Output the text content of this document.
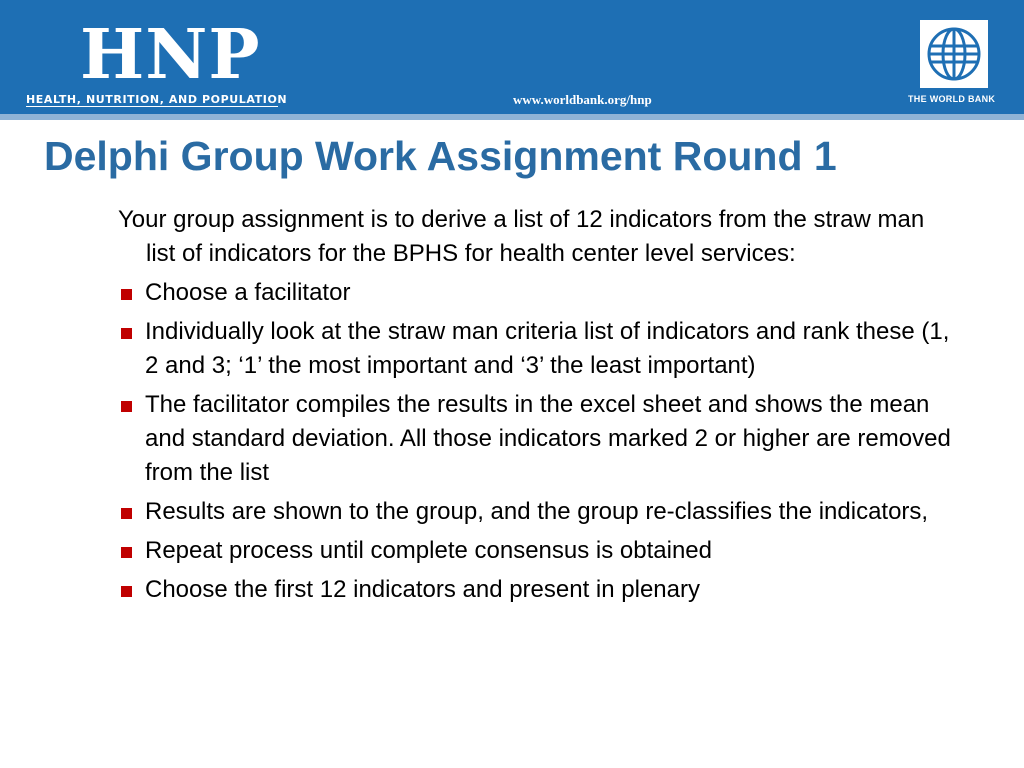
HNP
HEALTH, NUTRITION, AND POPULATION	www.worldbank.org/hnp	THE WORLD BANK
Delphi Group Work Assignment Round 1

Your group assignment is to derive a list of 12 indicators from the straw man list of indicators for the BPHS for health center level services:

Choose a facilitator
Individually look at the straw man criteria list of indicators and rank these (1, 2 and 3; ‘1’ the most important and ‘3’ the least important)
The facilitator compiles the results in the excel sheet and shows the mean and standard deviation. All those indicators marked 2 or higher are removed from the list
Results are shown to the group, and the group re-classifies the indicators,
Repeat process until complete consensus is obtained
Choose the first 12 indicators and present in plenary
